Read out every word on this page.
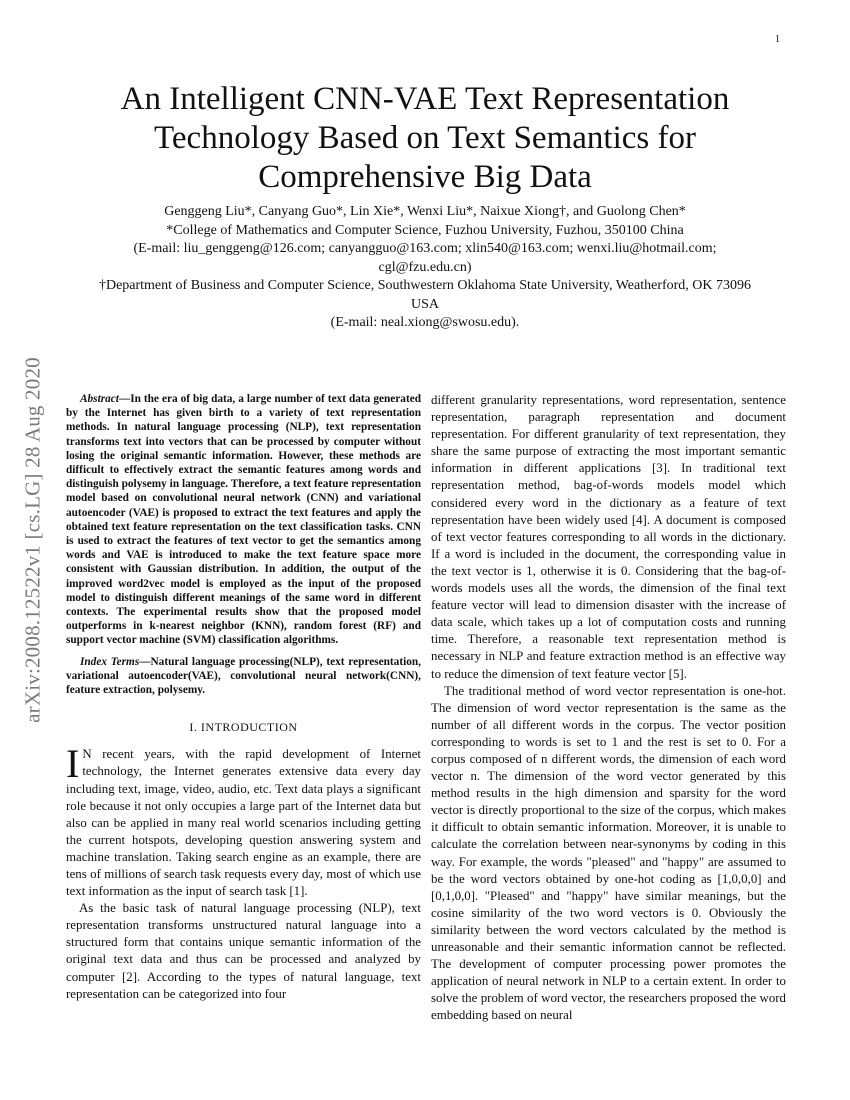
1
arXiv:2008.12522v1 [cs.LG] 28 Aug 2020
An Intelligent CNN-VAE Text Representation Technology Based on Text Semantics for Comprehensive Big Data
Genggeng Liu*, Canyang Guo*, Lin Xie*, Wenxi Liu*, Naixue Xiong†, and Guolong Chen*
*College of Mathematics and Computer Science, Fuzhou University, Fuzhou, 350100 China
(E-mail: liu_genggeng@126.com; canyangguo@163.com; xlin540@163.com; wenxi.liu@hotmail.com; cgl@fzu.edu.cn)
†Department of Business and Computer Science, Southwestern Oklahoma State University, Weatherford, OK 73096 USA
(E-mail: neal.xiong@swosu.edu).

Abstract—In the era of big data, a large number of text data generated by the Internet has given birth to a variety of text representation methods. In natural language processing (NLP), text representation transforms text into vectors that can be processed by computer without losing the original semantic information. However, these methods are difficult to effectively extract the semantic features among words and distinguish polysemy in language. Therefore, a text feature representation model based on convolutional neural network (CNN) and variational autoencoder (VAE) is proposed to extract the text features and apply the obtained text feature representation on the text classification tasks. CNN is used to extract the features of text vector to get the semantics among words and VAE is introduced to make the text feature space more consistent with Gaussian distribution. In addition, the output of the improved word2vec model is employed as the input of the proposed model to distinguish different meanings of the same word in different contexts. The experimental results show that the proposed model outperforms in k-nearest neighbor (KNN), random forest (RF) and support vector machine (SVM) classification algorithms.

Index Terms—Natural language processing(NLP), text representation, variational autoencoder(VAE), convolutional neural network(CNN), feature extraction, polysemy.

I. INTRODUCTION

I N recent years, with the rapid development of Internet technology, the Internet generates extensive data every day including text, image, video, audio, etc. Text data plays a significant role because it not only occupies a large part of the Internet data but also can be applied in many real world scenarios including getting the current hotspots, developing question answering system and machine translation. Taking search engine as an example, there are tens of millions of search task requests every day, most of which use text information as the input of search task [1].

As the basic task of natural language processing (NLP), text representation transforms unstructured natural language into a structured form that contains unique semantic information of the original text data and thus can be processed and analyzed by computer [2]. According to the types of natural language, text representation can be categorized into four

different granularity representations, word representation, sentence representation, paragraph representation and document representation. For different granularity of text representation, they share the same purpose of extracting the most important semantic information in different applications [3]. In traditional text representation method, bag-of-words models model which considered every word in the dictionary as a feature of text representation have been widely used [4]. A document is composed of text vector features corresponding to all words in the dictionary. If a word is included in the document, the corresponding value in the text vector is 1, otherwise it is 0. Considering that the bag-of-words models uses all the words, the dimension of the final text feature vector will lead to dimension disaster with the increase of data scale, which takes up a lot of computation costs and running time. Therefore, a reasonable text representation method is necessary in NLP and feature extraction method is an effective way to reduce the dimension of text feature vector [5].

The traditional method of word vector representation is one-hot. The dimension of word vector representation is the same as the number of all different words in the corpus. The vector position corresponding to words is set to 1 and the rest is set to 0. For a corpus composed of n different words, the dimension of each word vector n. The dimension of the word vector generated by this method results in the high dimension and sparsity for the word vector is directly proportional to the size of the corpus, which makes it difficult to obtain semantic information. Moreover, it is unable to calculate the correlation between near-synonyms by coding in this way. For example, the words "pleased" and "happy" are assumed to be the word vectors obtained by one-hot coding as [1,0,0,0] and [0,1,0,0]. "Pleased" and "happy" have similar meanings, but the cosine similarity of the two word vectors is 0. Obviously the similarity between the word vectors calculated by the method is unreasonable and their semantic information cannot be reflected. The development of computer processing power promotes the application of neural network in NLP to a certain extent. In order to solve the problem of word vector, the researchers proposed the word embedding based on neural
